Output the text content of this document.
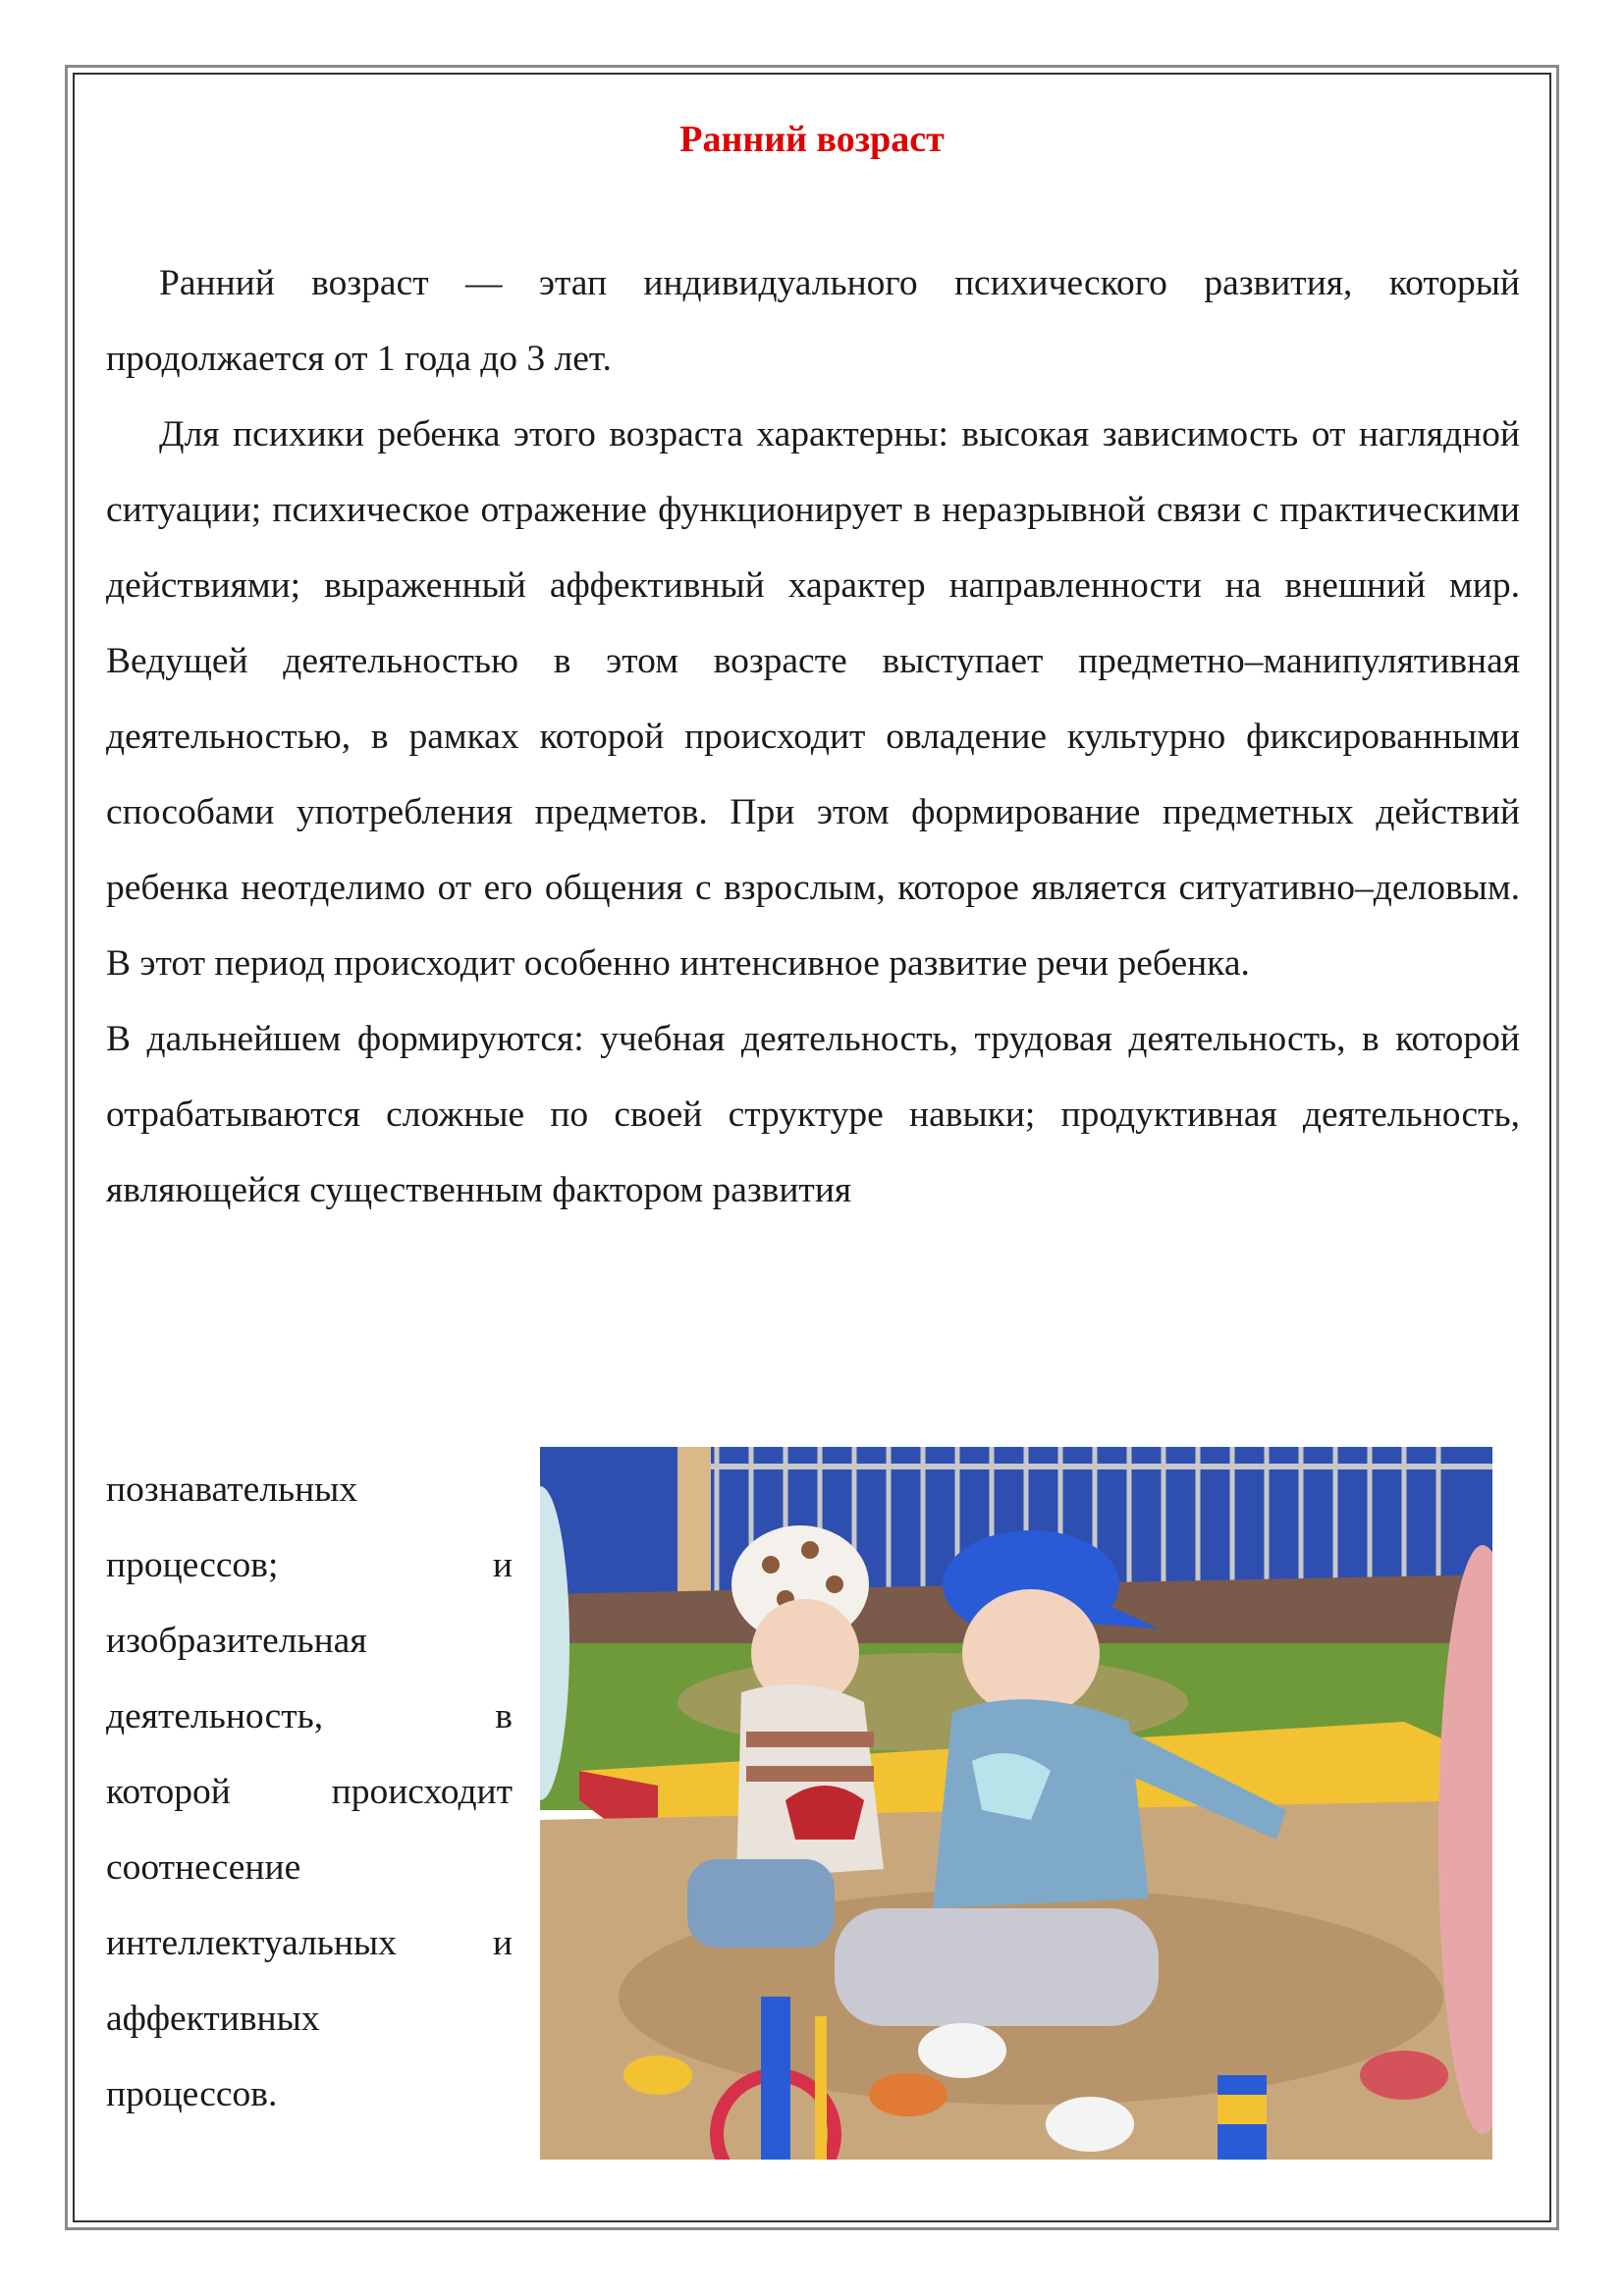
Ранний возраст

Ранний возраст — этап индивидуального психического развития, который продолжается от 1 года до 3 лет.

Для психики ребенка этого возраста характерны: высокая зависимость от наглядной ситуации; психическое отражение функционирует в неразрывной связи с практическими действиями; выраженный аффективный характер направленности на внешний мир. Ведущей деятельностью в этом возрасте выступает предметно–манипулятивная деятельностью, в рамках которой происходит овладение культурно фиксированными способами употребления предметов. При этом формирование предметных действий ребенка неотделимо от его общения с взрослым, которое является ситуативно–деловым. В этот период происходит особенно интенсивное развитие речи ребенка.

В дальнейшем формируются: учебная деятельность, трудовая деятельность, в которой отрабатываются сложные по своей структуре навыки; продуктивная деятельность, являющейся существенным фактором развития

познавательных
процессов; и
изобразительная
деятельность, в
которой происходит
соотнесение
интеллектуальных и
аффективных
процессов.
